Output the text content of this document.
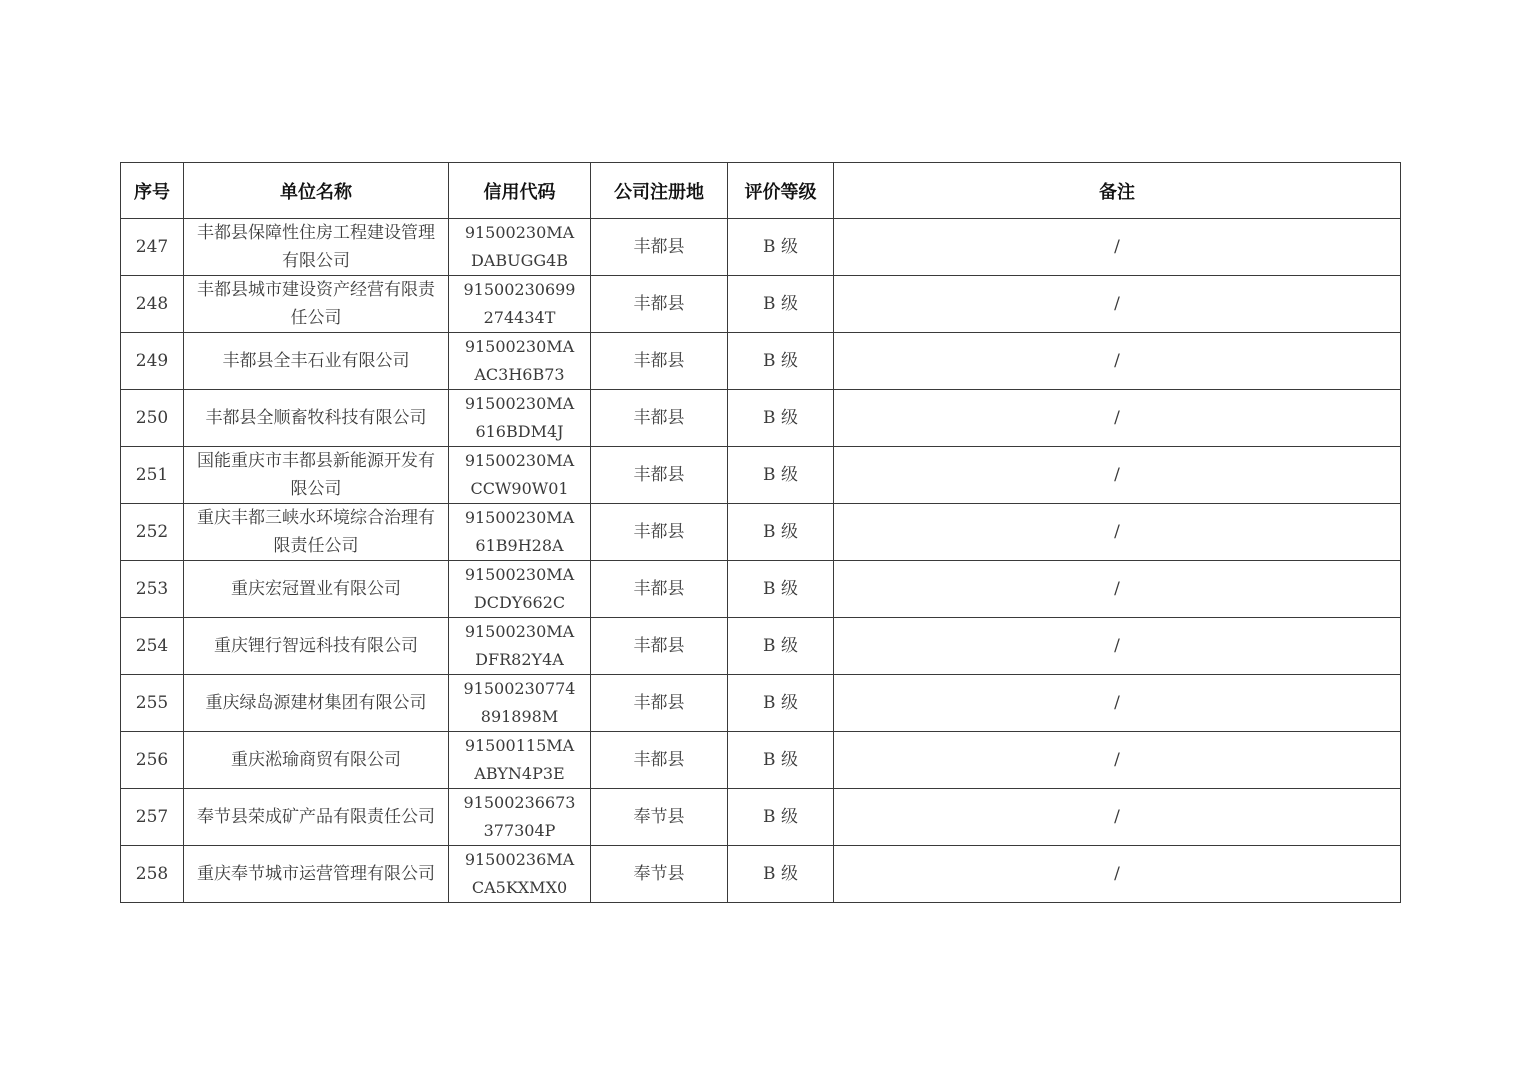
序号	单位名称	信用代码	公司注册地	评价等级	备注
247	丰都县保障性住房工程建设管理有限公司	91500230MADABUGG4B	丰都县	B 级	/
248	丰都县城市建设资产经营有限责任公司	91500230699274434T	丰都县	B 级	/
249	丰都县全丰石业有限公司	91500230MAAC3H6B73	丰都县	B 级	/
250	丰都县全顺畜牧科技有限公司	91500230MA616BDM4J	丰都县	B 级	/
251	国能重庆市丰都县新能源开发有限公司	91500230MACCW90W01	丰都县	B 级	/
252	重庆丰都三峡水环境综合治理有限责任公司	91500230MA61B9H28A	丰都县	B 级	/
253	重庆宏冠置业有限公司	91500230MADCDY662C	丰都县	B 级	/
254	重庆锂行智远科技有限公司	91500230MADFR82Y4A	丰都县	B 级	/
255	重庆绿岛源建材集团有限公司	91500230774891898M	丰都县	B 级	/
256	重庆淞瑜商贸有限公司	91500115MAABYN4P3E	丰都县	B 级	/
257	奉节县荣成矿产品有限责任公司	91500236673377304P	奉节县	B 级	/
258	重庆奉节城市运营管理有限公司	91500236MACA5KXMX0	奉节县	B 级	/
